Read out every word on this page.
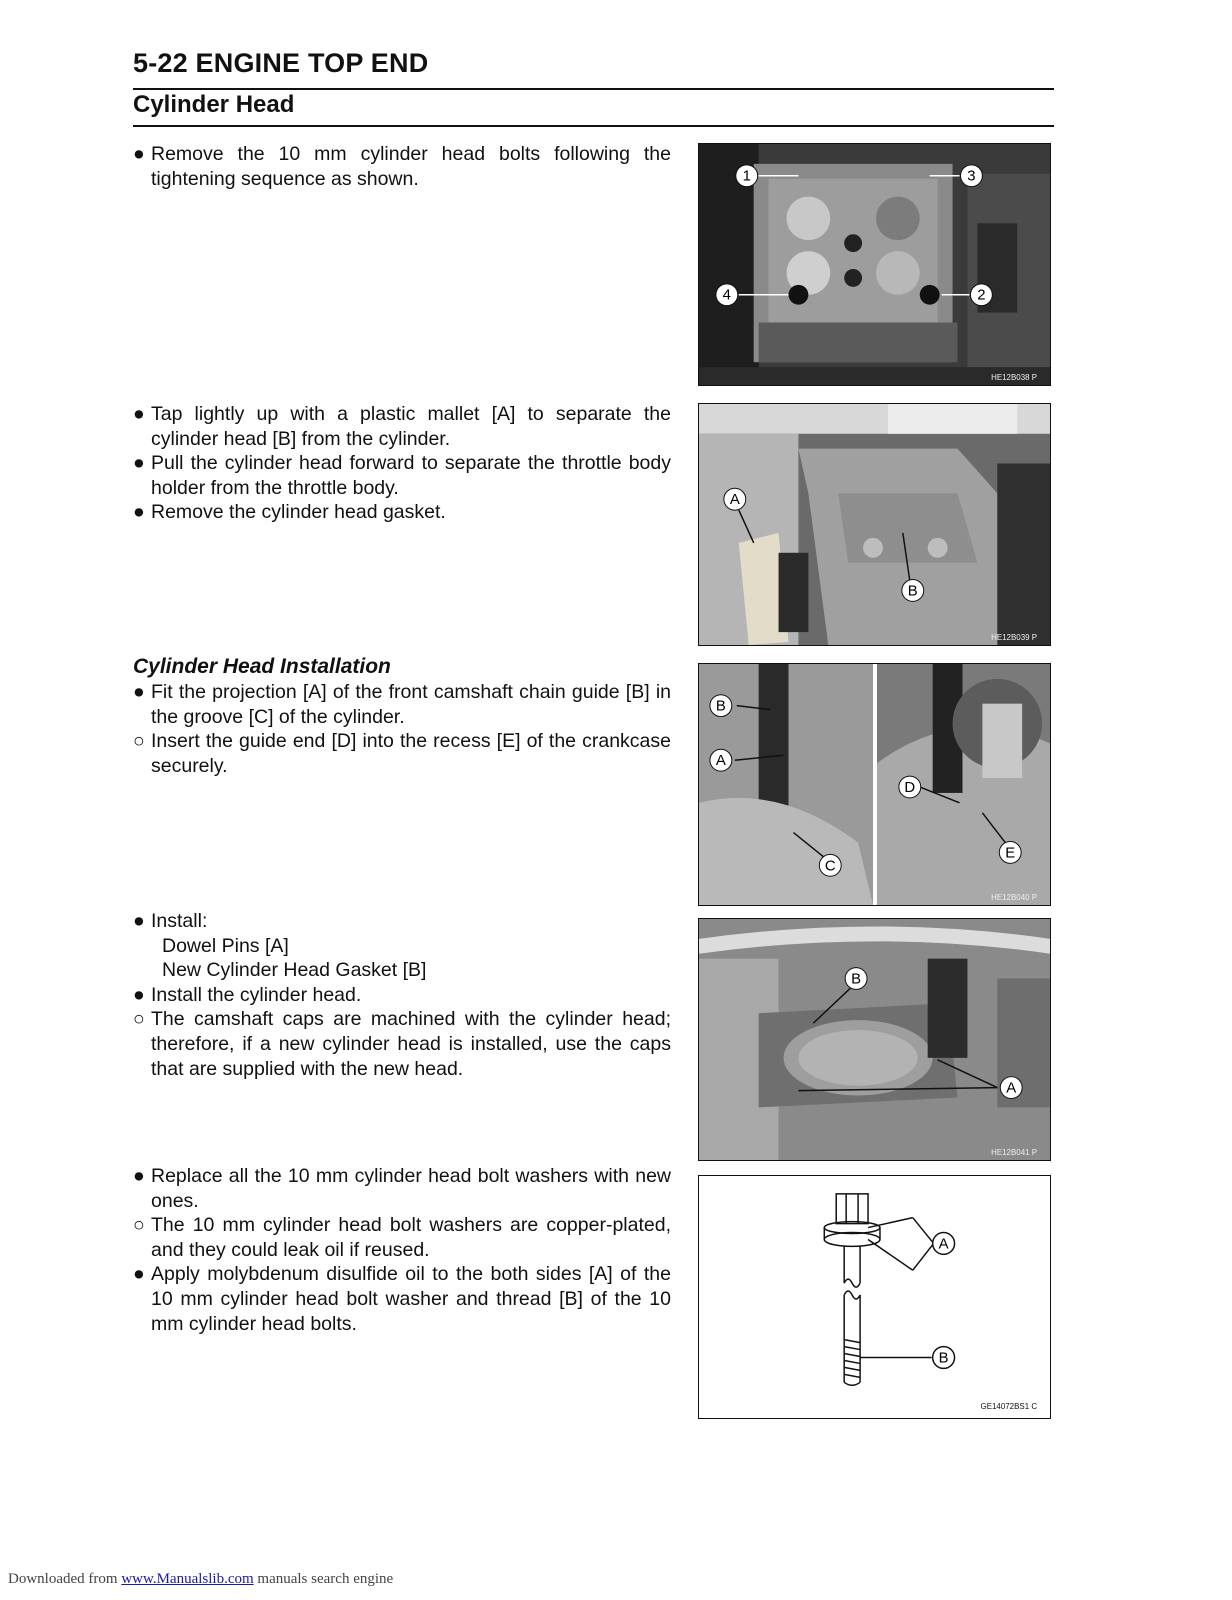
5-22 ENGINE TOP END
Cylinder Head
● Remove the 10 mm cylinder head bolts following the tightening sequence as shown.
● Tap lightly up with a plastic mallet [A] to separate the cylinder head [B] from the cylinder.
● Pull the cylinder head forward to separate the throttle body holder from the throttle body.
● Remove the cylinder head gasket.
Cylinder Head Installation
● Fit the projection [A] of the front camshaft chain guide [B] in the groove [C] of the cylinder.
○ Insert the guide end [D] into the recess [E] of the crankcase securely.
● Install:
Dowel Pins [A]
New Cylinder Head Gasket [B]
● Install the cylinder head.
○ The camshaft caps are machined with the cylinder head; therefore, if a new cylinder head is installed, use the caps that are supplied with the new head.
● Replace all the 10 mm cylinder head bolt washers with new ones.
○ The 10 mm cylinder head bolt washers are copper-plated, and they could leak oil if reused.
● Apply molybdenum disulfide oil to the both sides [A] of the 10 mm cylinder head bolt washer and thread [B] of the 10 mm cylinder head bolts.
1	3
4	2
HE12B038 P
A
B
HE12B039 P
B
A
C
D
E
HE12B040 P
B
A
HE12B041 P
A
B
GE14072BS1 C
Downloaded from www.Manualslib.com manuals search engine
